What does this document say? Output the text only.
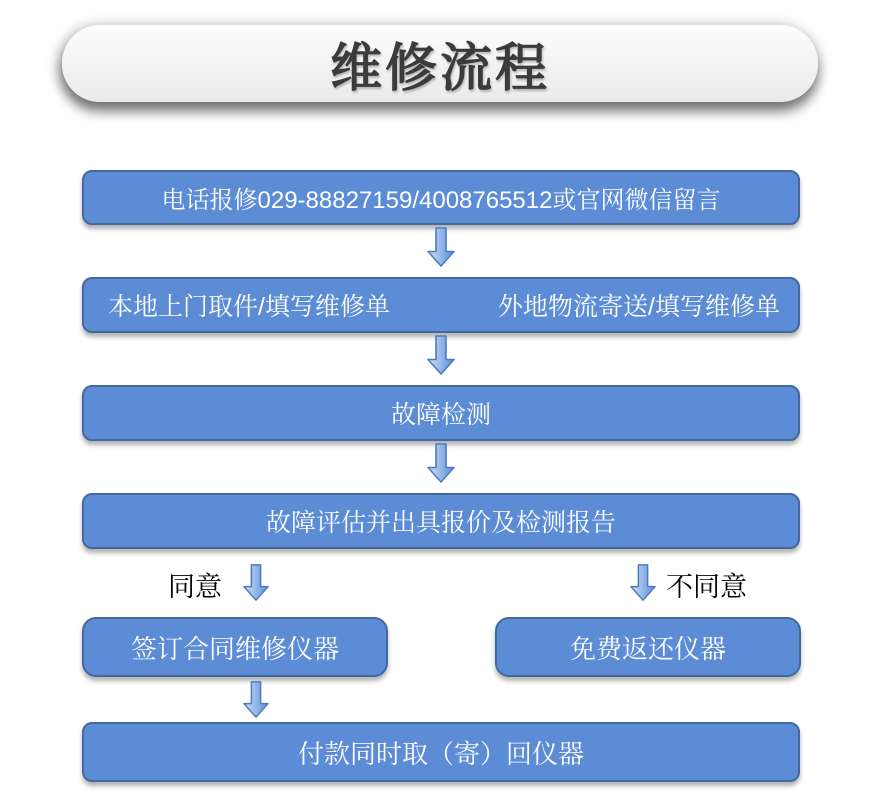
维修流程
电话报修029-88827159/4008765512或官网微信留言
本地上门取件/填写维修单	外地物流寄送/填写维修单
故障检测
故障评估并出具报价及检测报告
同意	不同意
签订合同维修仪器	免费返还仪器
付款同时取（寄）回仪器
